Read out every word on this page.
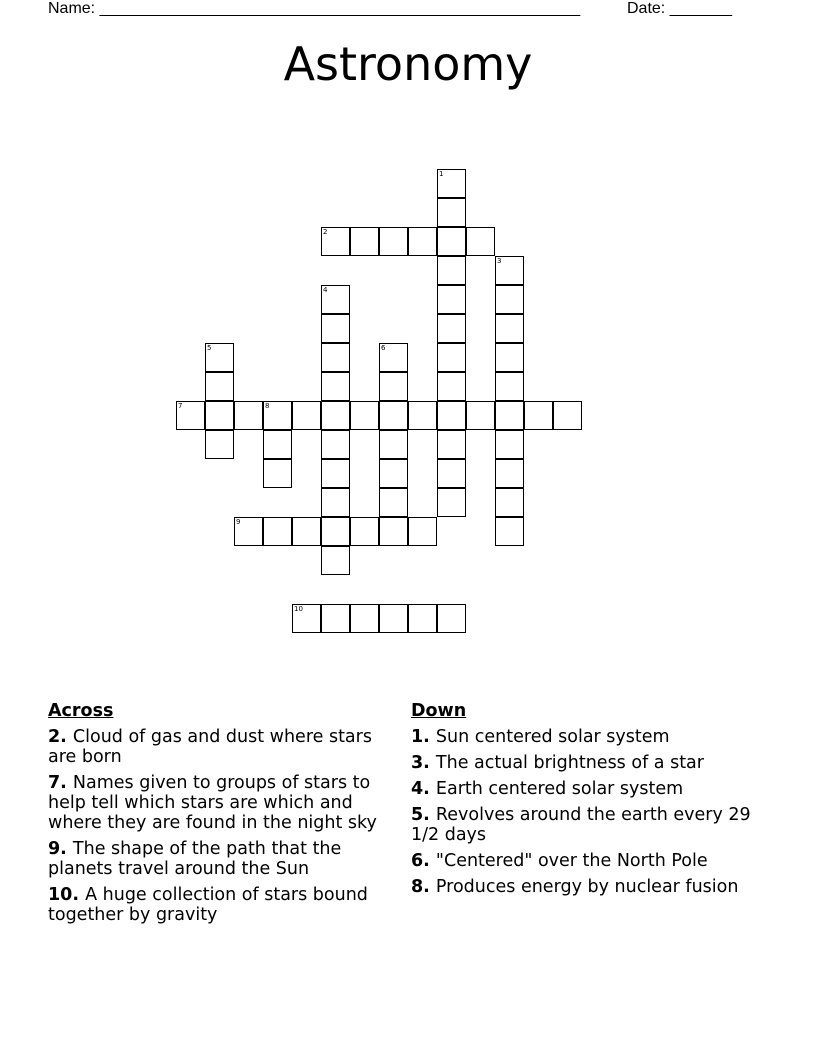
Name: ______________________________________________________	Date: _______
Astronomy
1
2
3
4
5	6
7	8
9
10
Across
2. Cloud of gas and dust where stars are born
7. Names given to groups of stars to help tell which stars are which and where they are found in the night sky
9. The shape of the path that the planets travel around the Sun
10. A huge collection of stars bound together by gravity
Down
1. Sun centered solar system
3. The actual brightness of a star
4. Earth centered solar system
5. Revolves around the earth every 29 1/2 days
6. "Centered" over the North Pole
8. Produces energy by nuclear fusion
